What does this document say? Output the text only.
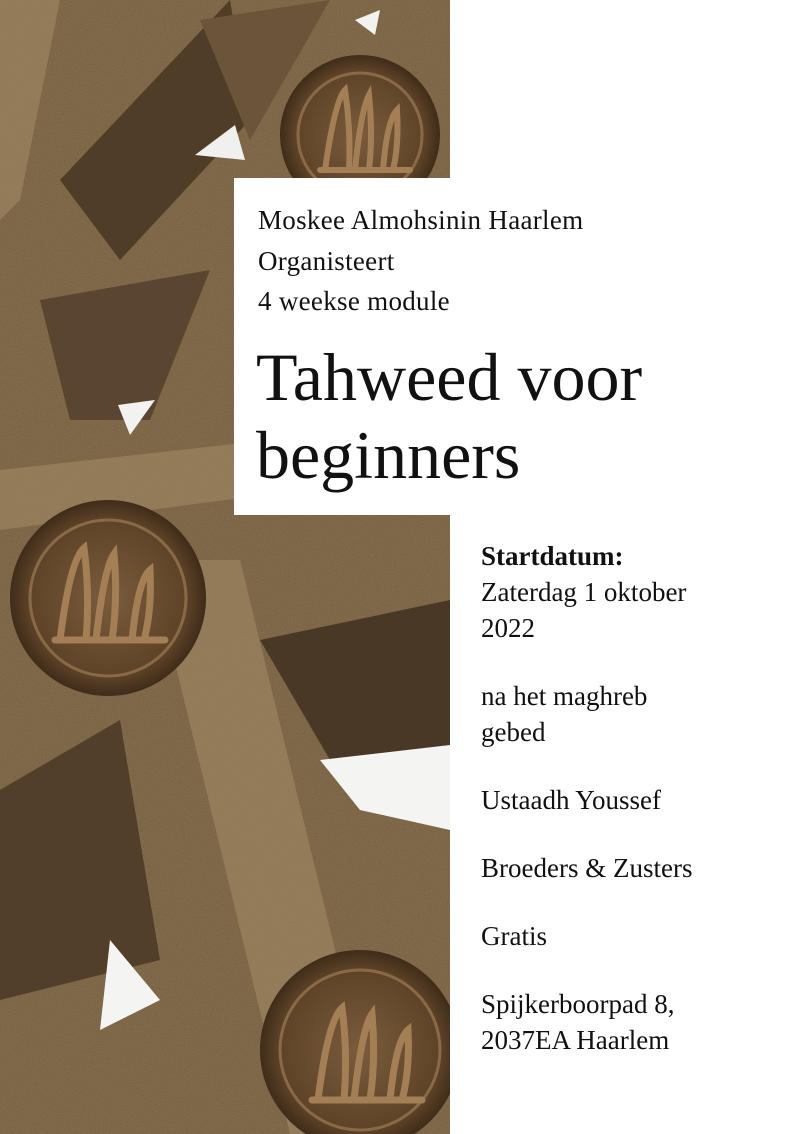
Moskee Almohsinin Haarlem
Organisteert
4 weekse module
Tahweed voor
beginners

Startdatum:

Zaterdag 1 oktober

2022

na het maghreb

gebed

Ustaadh Youssef

Broeders & Zusters

Gratis

Spijkerboorpad 8,

2037EA Haarlem
